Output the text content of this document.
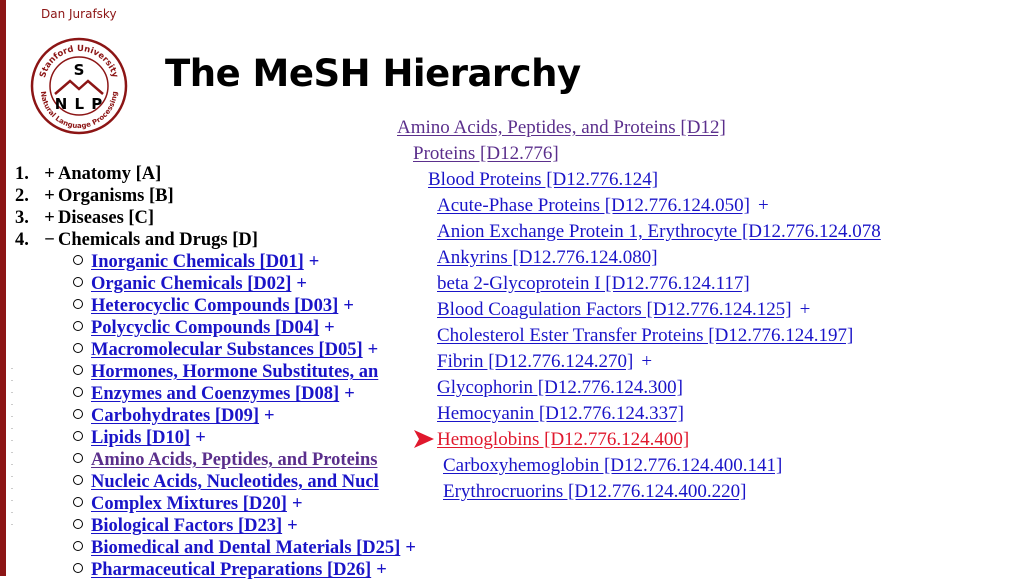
Dan Jurafsky
Stanford University
Natural Language Processing
S
N L P
The MeSH Hierarchy
1. + Anatomy [A]
2. + Organisms [B]
3. + Diseases [C]
4. − Chemicals and Drugs [D]
Inorganic Chemicals [D01] +
Organic Chemicals [D02] +
Heterocyclic Compounds [D03] +
Polycyclic Compounds [D04] +
Macromolecular Substances [D05] +
Hormones, Hormone Substitutes, an
Enzymes and Coenzymes [D08] +
Carbohydrates [D09] +
Lipids [D10] +
Amino Acids, Peptides, and Proteins
Nucleic Acids, Nucleotides, and Nucl
Complex Mixtures [D20] +
Biological Factors [D23] +
Biomedical and Dental Materials [D25] +
Pharmaceutical Preparations [D26] +
Amino Acids, Peptides, and Proteins [D12]
Proteins [D12.776]
Blood Proteins [D12.776.124]
Acute-Phase Proteins [D12.776.124.050] +
Anion Exchange Protein 1, Erythrocyte [D12.776.124.078
Ankyrins [D12.776.124.080]
beta 2-Glycoprotein I [D12.776.124.117]
Blood Coagulation Factors [D12.776.124.125] +
Cholesterol Ester Transfer Proteins [D12.776.124.197]
Fibrin [D12.776.124.270] +
Glycophorin [D12.776.124.300]
Hemocyanin [D12.776.124.337]
Hemoglobins [D12.776.124.400]
Carboxyhemoglobin [D12.776.124.400.141]
Erythrocruorins [D12.776.124.400.220]
